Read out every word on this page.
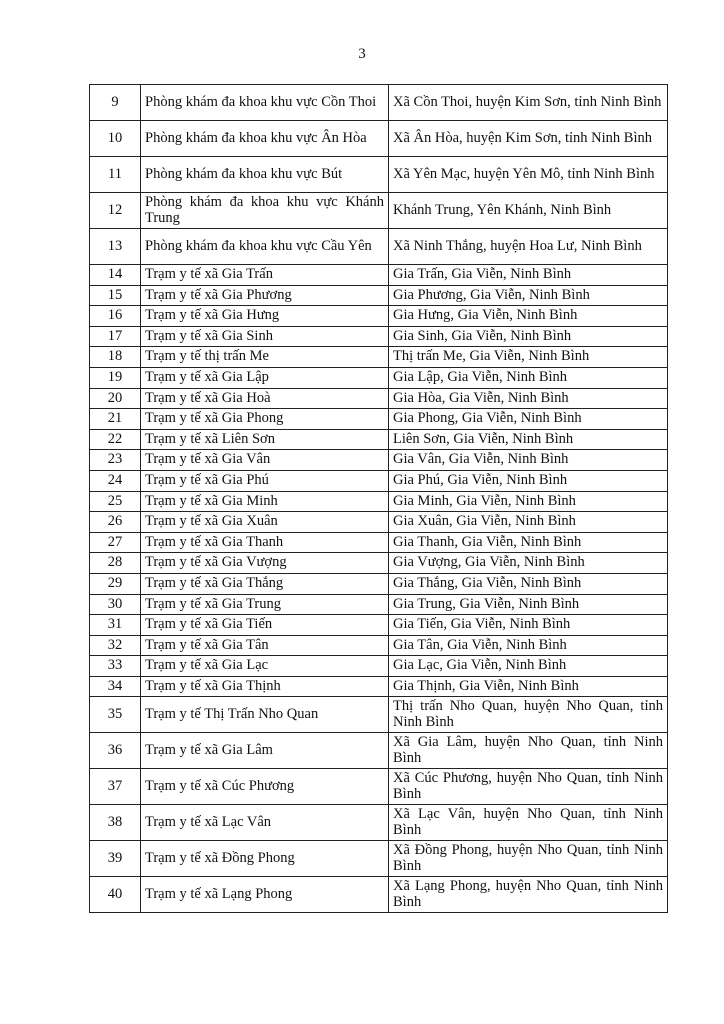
3
9	Phòng khám đa khoa khu vực Cồn Thoi	Xã Cồn Thoi, huyện Kim Sơn, tỉnh Ninh Bình
10	Phòng khám đa khoa khu vực Ân Hòa	Xã Ân Hòa, huyện Kim Sơn, tỉnh Ninh Bình
11	Phòng khám đa khoa khu vực Bút	Xã Yên Mạc, huyện Yên Mô, tỉnh Ninh Bình
12	Phòng khám đa khoa khu vực Khánh Trung	Khánh Trung, Yên Khánh, Ninh Bình
13	Phòng khám đa khoa khu vực Cầu Yên	Xã Ninh Thắng, huyện Hoa Lư, Ninh Bình
14	Trạm y tế xã Gia Trấn	Gia Trấn, Gia Viễn, Ninh Bình
15	Trạm y tế xã Gia Phương	Gia Phương, Gia Viễn, Ninh Bình
16	Trạm y tế xã Gia Hưng	Gia Hưng, Gia Viễn, Ninh Bình
17	Trạm y tế xã Gia Sinh	Gia Sinh, Gia Viễn, Ninh Bình
18	Trạm y tế thị trấn Me	Thị trấn Me, Gia Viễn, Ninh Bình
19	Trạm y tế xã Gia Lập	Gia Lập, Gia Viễn, Ninh Bình
20	Trạm y tế xã Gia Hoà	Gia Hòa, Gia Viễn, Ninh Bình
21	Trạm y tế xã Gia Phong	Gia Phong, Gia Viễn, Ninh Bình
22	Trạm y tế xã Liên Sơn	Liên Sơn, Gia Viễn, Ninh Bình
23	Trạm y tế xã Gia Vân	Gia Vân, Gia Viễn, Ninh Bình
24	Trạm y tế xã Gia Phú	Gia Phú, Gia Viễn, Ninh Bình
25	Trạm y tế xã Gia Minh	Gia Minh, Gia Viễn, Ninh Bình
26	Trạm y tế xã Gia Xuân	Gia Xuân, Gia Viễn, Ninh Bình
27	Trạm y tế xã Gia Thanh	Gia Thanh, Gia Viễn, Ninh Bình
28	Trạm y tế xã Gia Vượng	Gia Vượng, Gia Viễn, Ninh Bình
29	Trạm y tế xã Gia Thắng	Gia Thắng, Gia Viễn, Ninh Bình
30	Trạm y tế xã Gia Trung	Gia Trung, Gia Viễn, Ninh Bình
31	Trạm y tế xã Gia Tiến	Gia Tiến, Gia Viễn, Ninh Bình
32	Trạm y tế xã Gia Tân	Gia Tân, Gia Viễn, Ninh Bình
33	Trạm y tế xã Gia Lạc	Gia Lạc, Gia Viễn, Ninh Bình
34	Trạm y tế xã Gia Thịnh	Gia Thịnh, Gia Viễn, Ninh Bình
35	Trạm y tế Thị Trấn Nho Quan	Thị trấn Nho Quan, huyện Nho Quan, tỉnh Ninh Bình
36	Trạm y tế xã Gia Lâm	Xã Gia Lâm, huyện Nho Quan, tỉnh Ninh Bình
37	Trạm y tế xã Cúc Phương	Xã Cúc Phương, huyện Nho Quan, tỉnh Ninh Bình
38	Trạm y tế xã Lạc Vân	Xã Lạc Vân, huyện Nho Quan, tỉnh Ninh Bình
39	Trạm y tế xã Đồng Phong	Xã Đồng Phong, huyện Nho Quan, tỉnh Ninh Bình
40	Trạm y tế xã Lạng Phong	Xã Lạng Phong, huyện Nho Quan, tỉnh Ninh Bình
